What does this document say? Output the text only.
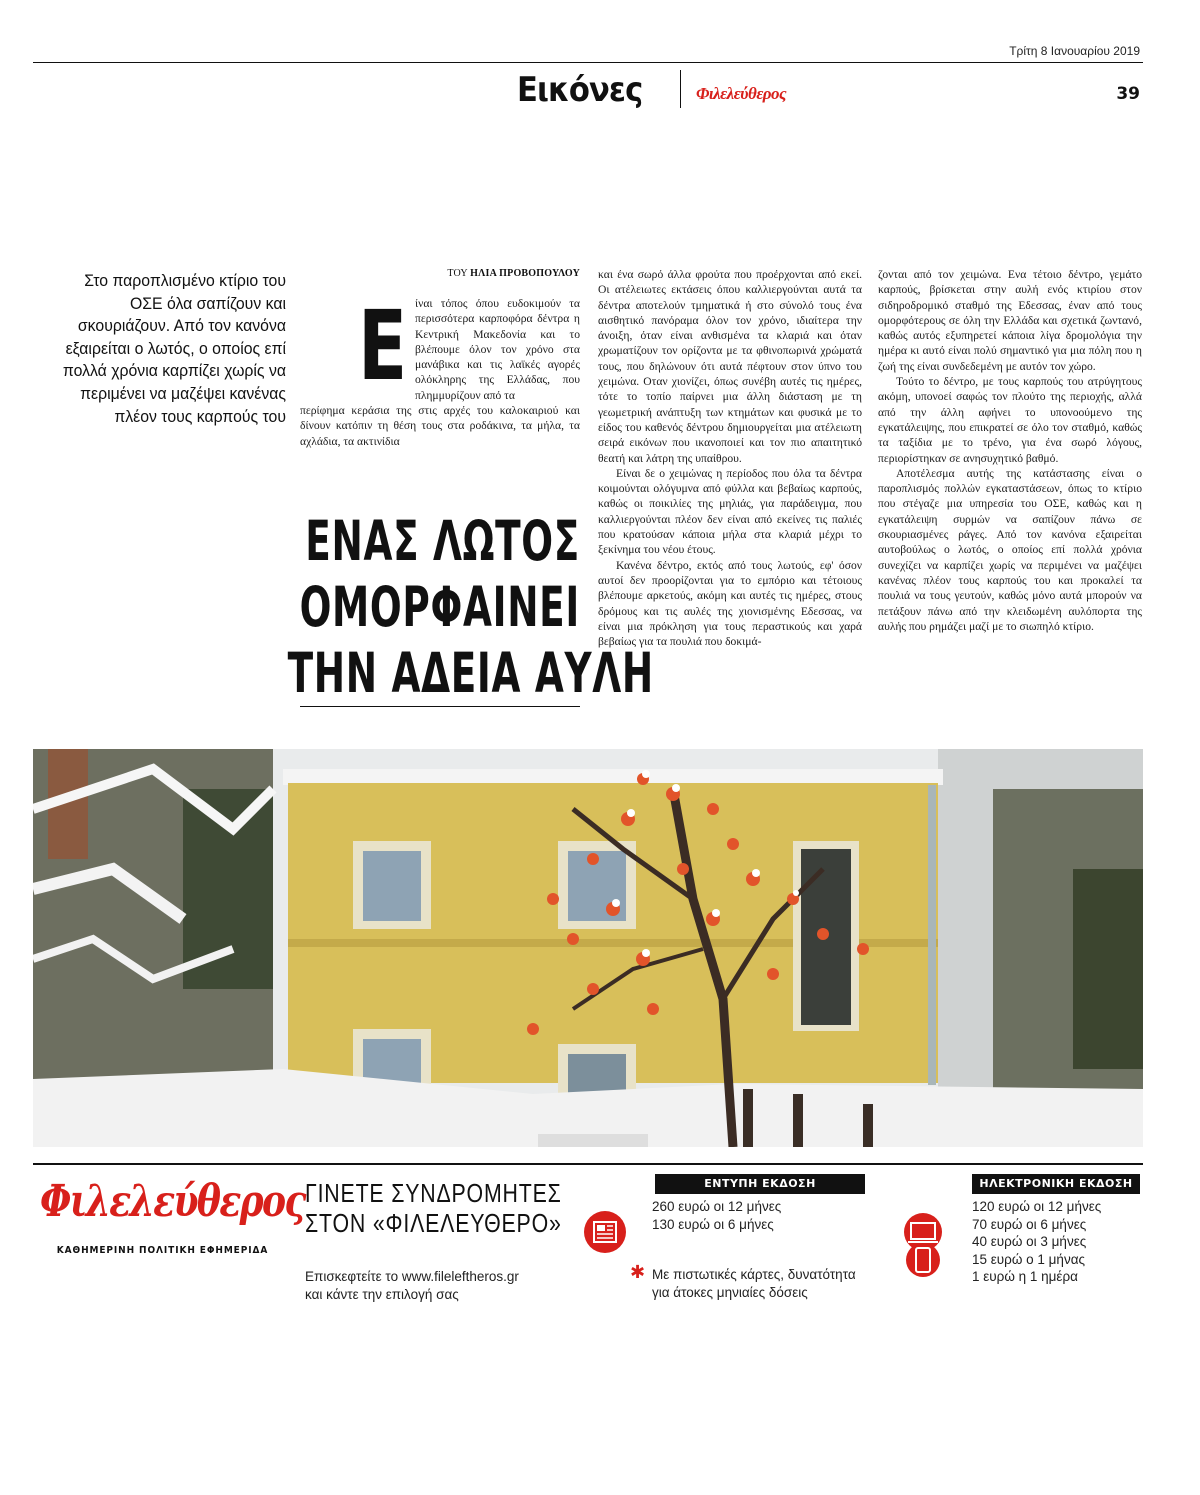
Τρίτη 8 Ιανουαρίου 2019
Εικόνες	Φιλελεύθερος	39
Στο παροπλισμένο κτίριο του ΟΣΕ όλα σαπίζουν και σκουριάζουν. Από τον κανόνα εξαιρείται ο λωτός, ο οποίος επί πολλά χρόνια καρπίζει χωρίς να περιμένει να μαζέψει κανένας πλέον τους καρπούς του
ΤΟΥ ΗΛΙΑ ΠΡΟΒΟΠΟΥΛΟΥ
Ε ίναι τόπος όπου ευδοκιμούν τα περισσότερα καρποφόρα δέντρα η Κεντρική Μακεδονία και το βλέπουμε όλον τον χρόνο στα μανάβικα και τις λαϊκές αγορές ολόκληρης της Ελλάδας, που πλημμυρίζουν από τα

περίφημα κεράσια της στις αρχές του καλοκαιριού και δίνουν κατόπιν τη θέση τους στα ροδάκινα, τα μήλα, τα αχλάδια, τα ακτινίδια

ΕΝΑΣ ΛΩΤΟΣ
ΟΜΟΡΦΑΙΝΕΙ
ΤΗΝ ΑΔΕΙΑ ΑΥΛΗ

και ένα σωρό άλλα φρούτα που προέρχονται από εκεί. Οι ατέλειωτες εκτάσεις όπου καλλιεργούνται αυτά τα δέντρα αποτελούν τμηματικά ή στο σύνολό τους ένα αισθητικό πανόραμα όλον τον χρόνο, ιδιαίτερα την άνοιξη, όταν είναι ανθισμένα τα κλαριά και όταν χρωματίζουν τον ορίζοντα με τα φθινοπωρινά χρώματά τους, που δηλώνουν ότι αυτά πέφτουν στον ύπνο του χειμώνα. Οταν χιονίζει, όπως συνέβη αυτές τις ημέρες, τότε το τοπίο παίρνει μια άλλη διάσταση με τη γεωμετρική ανάπτυξη των κτημάτων και φυσικά με το είδος του καθενός δέντρου δημιουργείται μια ατέλειωτη σειρά εικόνων που ικανοποιεί και τον πιο απαιτητικό θεατή και λάτρη της υπαίθρου.

Είναι δε ο χειμώνας η περίοδος που όλα τα δέντρα κοιμούνται ολόγυμνα από φύλλα και βεβαίως καρπούς, καθώς οι ποικιλίες της μηλιάς, για παράδειγμα, που καλλιεργούνται πλέον δεν είναι από εκείνες τις παλιές που κρατούσαν κάποια μήλα στα κλαριά μέχρι το ξεκίνημα του νέου έτους.

Κανένα δέντρο, εκτός από τους λωτούς, εφ' όσον αυτοί δεν προορίζονται για το εμπόριο και τέτοιους βλέπουμε αρκετούς, ακόμη και αυτές τις ημέρες, στους δρόμους και τις αυλές της χιονισμένης Εδεσσας, να είναι μια πρόκληση για τους περαστικούς και χαρά βεβαίως για τα πουλιά που δοκιμά-

ζονται από τον χειμώνα. Ενα τέτοιο δέντρο, γεμάτο καρπούς, βρίσκεται στην αυλή ενός κτιρίου στον σιδηροδρομικό σταθμό της Εδεσσας, έναν από τους ομορφότερους σε όλη την Ελλάδα και σχετικά ζωντανό, καθώς αυτός εξυπηρετεί κάποια λίγα δρομολόγια την ημέρα κι αυτό είναι πολύ σημαντικό για μια πόλη που η ζωή της είναι συνδεδεμένη με αυτόν τον χώρο.

Τούτο το δέντρο, με τους καρπούς του ατρύγητους ακόμη, υπονοεί σαφώς τον πλούτο της περιοχής, αλλά από την άλλη αφήνει το υπονοούμενο της εγκατάλειψης, που επικρατεί σε όλο τον σταθμό, καθώς τα ταξίδια με το τρένο, για ένα σωρό λόγους, περιορίστηκαν σε ανησυχητικό βαθμό.

Αποτέλεσμα αυτής της κατάστασης είναι ο παροπλισμός πολλών εγκαταστάσεων, όπως το κτίριο που στέγαζε μια υπηρεσία του ΟΣΕ, καθώς και η εγκατάλειψη συρμών να σαπίζουν πάνω σε σκουριασμένες ράγες. Από τον κανόνα εξαιρείται αυτοβούλως ο λωτός, ο οποίος επί πολλά χρόνια συνεχίζει να καρπίζει χωρίς να περιμένει να μαζέψει κανένας πλέον τους καρπούς του και προκαλεί τα πουλιά να τους γευτούν, καθώς μόνο αυτά μπορούν να πετάξουν πάνω από την κλειδωμένη αυλόπορτα της αυλής που ρημάζει μαζί με το σιωπηλό κτίριο.

Φιλελεύθερος
ΚΑΘΗΜΕΡΙΝΗ ΠΟΛΙΤΙΚΗ ΕΦΗΜΕΡΙΔΑ
ΓΙΝΕΤΕ ΣΥΝΔΡΟΜΗΤΕΣ
ΣΤΟΝ «ΦΙΛΕΛΕΥΘΕΡΟ»
Επισκεφτείτε το www.fileleftheros.gr
και κάντε την επιλογή σας
ΕΝΤΥΠΗ ΕΚΔΟΣΗ
260 ευρώ οι 12 μήνες
130 ευρώ οι 6 μήνες
✱ Με πιστωτικές κάρτες, δυνατότητα
για άτοκες μηνιαίες δόσεις
ΗΛΕΚΤΡΟΝΙΚΗ ΕΚΔΟΣΗ
120 ευρώ οι 12 μήνες
70 ευρώ οι 6 μήνες
40 ευρώ οι 3 μήνες
15 ευρώ ο 1 μήνας
1 ευρώ η 1 ημέρα
